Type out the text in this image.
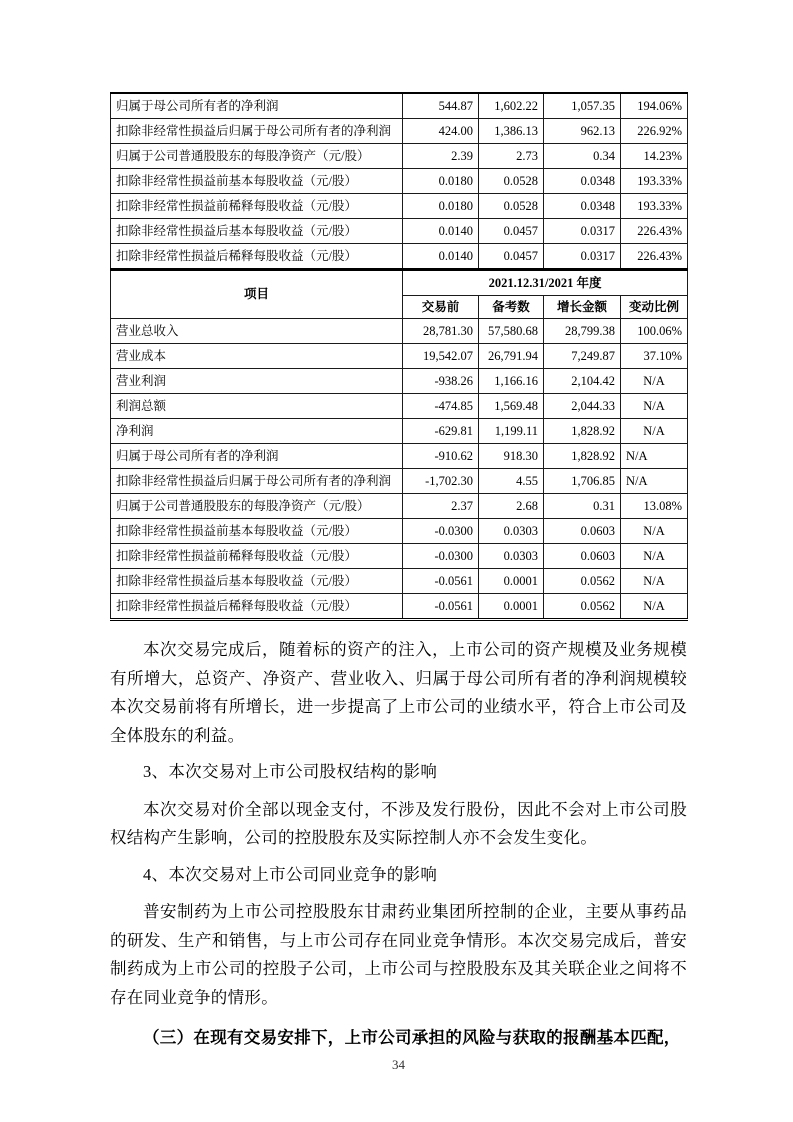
归属于母公司所有者的净利润	544.87	1,602.22	1,057.35	194.06%
扣除非经常性损益后归属于母公司所有者的净利润	424.00	1,386.13	962.13	226.92%
归属于公司普通股股东的每股净资产（元/股）	2.39	2.73	0.34	14.23%
扣除非经常性损益前基本每股收益（元/股）	0.0180	0.0528	0.0348	193.33%
扣除非经常性损益前稀释每股收益（元/股）	0.0180	0.0528	0.0348	193.33%
扣除非经常性损益后基本每股收益（元/股）	0.0140	0.0457	0.0317	226.43%
扣除非经常性损益后稀释每股收益（元/股）	0.0140	0.0457	0.0317	226.43%
项目	2021.12.31/2021 年度			
	交易前	备考数	增长金额	变动比例
营业总收入	28,781.30	57,580.68	28,799.38	100.06%
营业成本	19,542.07	26,791.94	7,249.87	37.10%
营业利润	-938.26	1,166.16	2,104.42	N/A
利润总额	-474.85	1,569.48	2,044.33	N/A
净利润	-629.81	1,199.11	1,828.92	N/A
归属于母公司所有者的净利润	-910.62	918.30	1,828.92	N/A
扣除非经常性损益后归属于母公司所有者的净利润	-1,702.30	4.55	1,706.85	N/A
归属于公司普通股股东的每股净资产（元/股）	2.37	2.68	0.31	13.08%
扣除非经常性损益前基本每股收益（元/股）	-0.0300	0.0303	0.0603	N/A
扣除非经常性损益前稀释每股收益（元/股）	-0.0300	0.0303	0.0603	N/A
扣除非经常性损益后基本每股收益（元/股）	-0.0561	0.0001	0.0562	N/A
扣除非经常性损益后稀释每股收益（元/股）	-0.0561	0.0001	0.0562	N/A

本次交易完成后，随着标的资产的注入，上市公司的资产规模及业务规模有所增大，总资产、净资产、营业收入、归属于母公司所有者的净利润规模较本次交易前将有所增长，进一步提高了上市公司的业绩水平，符合上市公司及全体股东的利益。

3、本次交易对上市公司股权结构的影响

本次交易对价全部以现金支付，不涉及发行股份，因此不会对上市公司股权结构产生影响，公司的控股股东及实际控制人亦不会发生变化。

4、本次交易对上市公司同业竞争的影响

普安制药为上市公司控股股东甘肃药业集团所控制的企业，主要从事药品的研发、生产和销售，与上市公司存在同业竞争情形。本次交易完成后，普安制药成为上市公司的控股子公司，上市公司与控股股东及其关联企业之间将不存在同业竞争的情形。

（三）在现有交易安排下，上市公司承担的风险与获取的报酬基本匹配，

34
